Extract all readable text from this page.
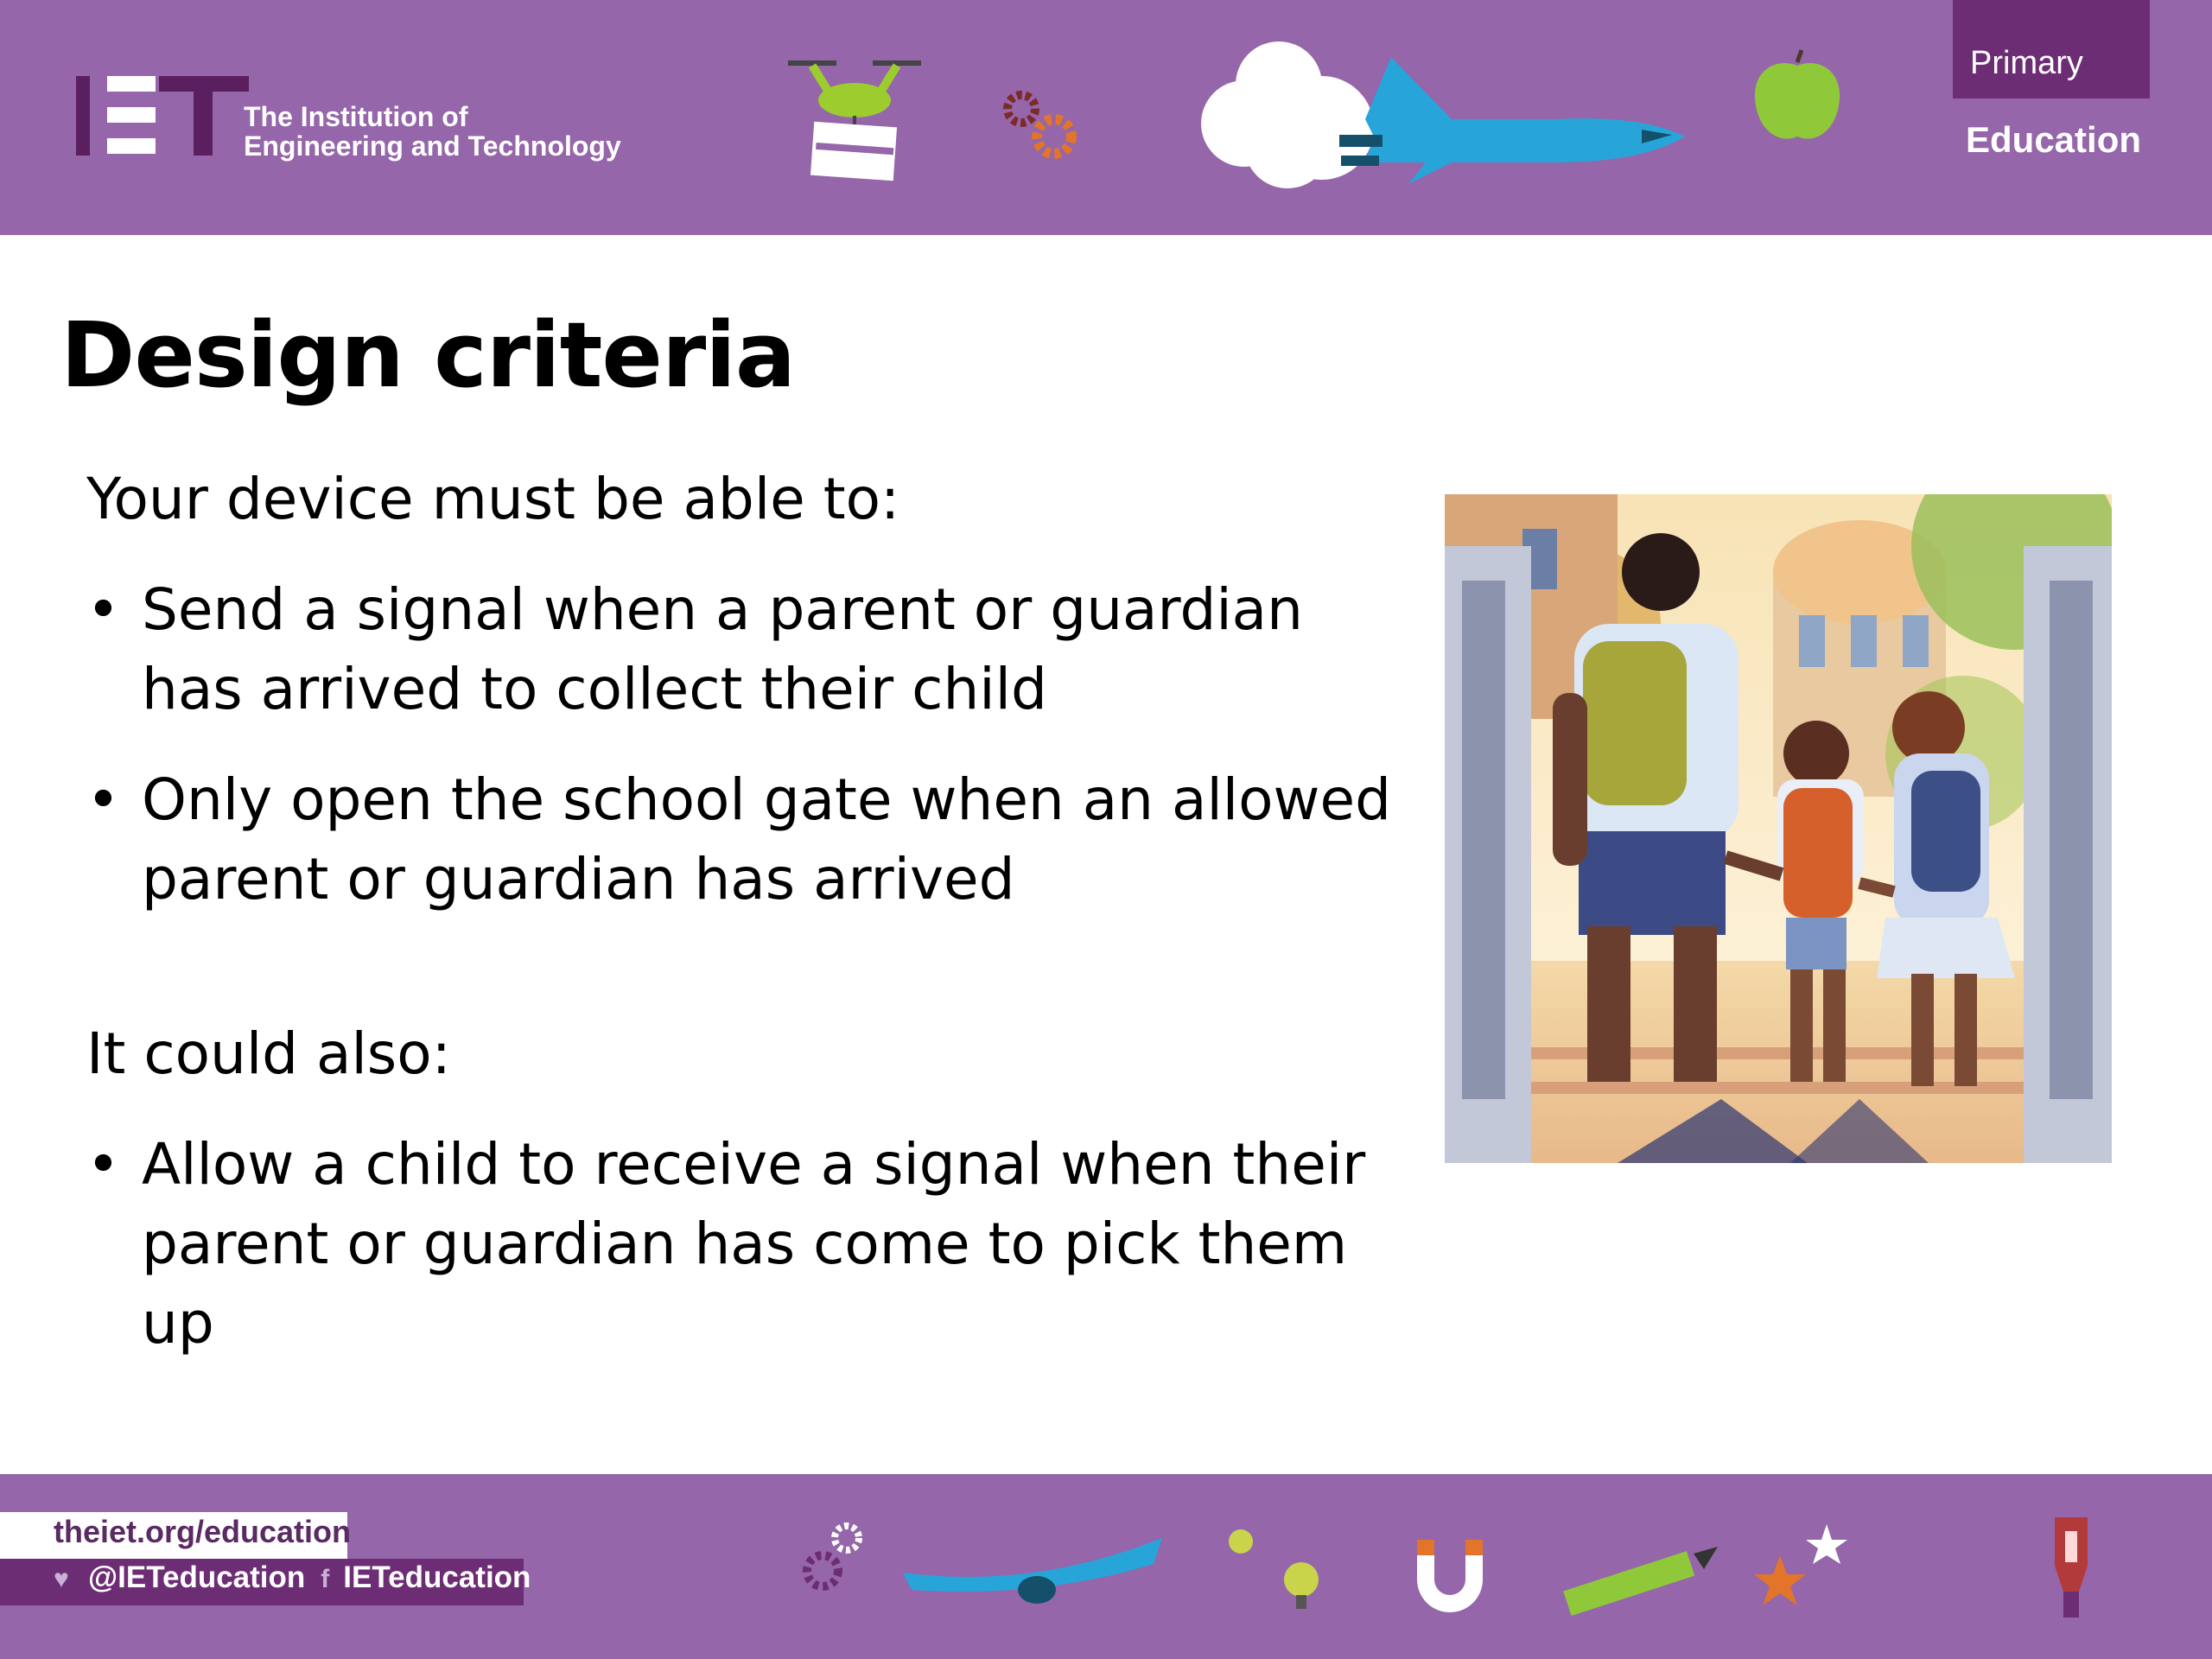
The Institution of
Engineering and Technology
Primary
Education
Design criteria
Your device must be able to:
• Send a signal when a parent or guardian has arrived to collect their child
• Only open the school gate when an allowed parent or guardian has arrived
It could also:
• Allow a child to receive a signal when their parent or guardian has come to pick them up
theiet.org/education
♥ @IETeducation f IETeducation
